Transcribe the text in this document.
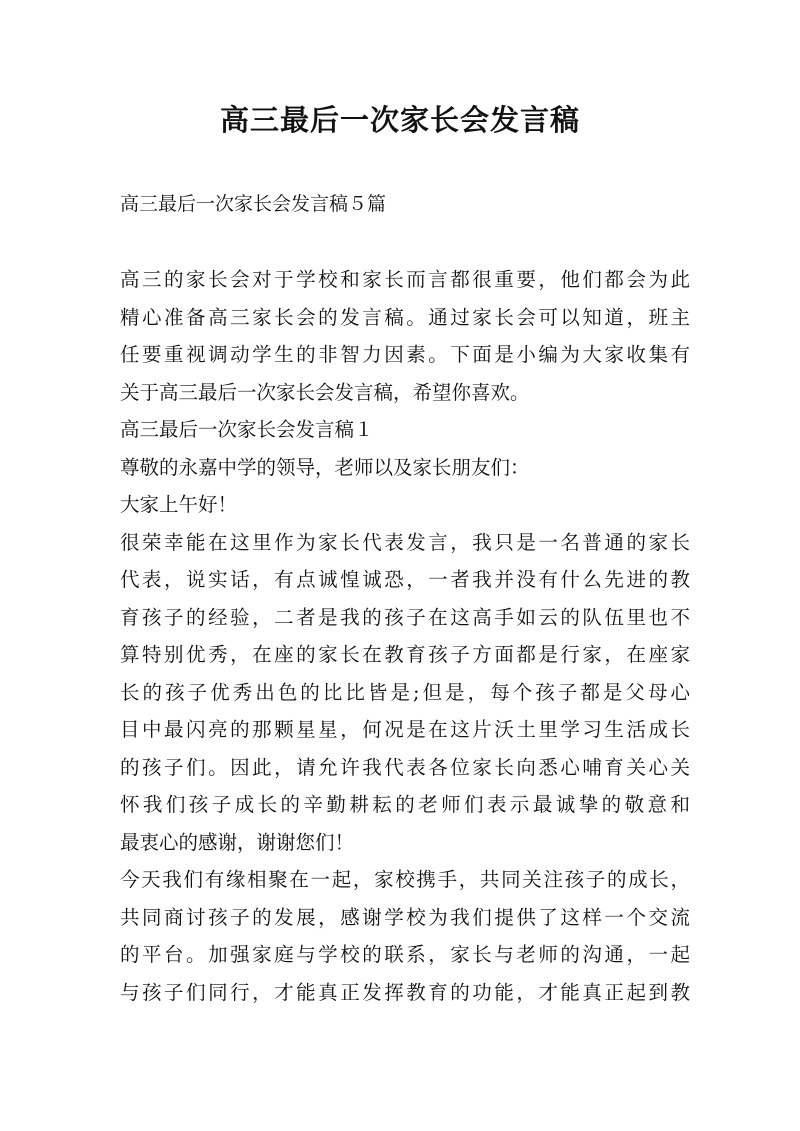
高三最后一次家长会发言稿
高三最后一次家长会发言稿５篇
高三的家长会对于学校和家长而言都很重要，他们都会为此
精心准备高三家长会的发言稿。通过家长会可以知道，班主
任要重视调动学生的非智力因素。下面是小编为大家收集有
关于高三最后一次家长会发言稿，希望你喜欢。
高三最后一次家长会发言稿１
尊敬的永嘉中学的领导，老师以及家长朋友们：
大家上午好！
很荣幸能在这里作为家长代表发言，我只是一名普通的家长
代表，说实话，有点诚惶诚恐，一者我并没有什么先进的教
育孩子的经验，二者是我的孩子在这高手如云的队伍里也不
算特别优秀，在座的家长在教育孩子方面都是行家，在座家
长的孩子优秀出色的比比皆是;但是，每个孩子都是父母心
目中最闪亮的那颗星星，何况是在这片沃土里学习生活成长
的孩子们。因此，请允许我代表各位家长向悉心哺育关心关
怀我们孩子成长的辛勤耕耘的老师们表示最诚挚的敬意和
最衷心的感谢，谢谢您们！
今天我们有缘相聚在一起，家校携手，共同关注孩子的成长，
共同商讨孩子的发展，感谢学校为我们提供了这样一个交流
的平台。加强家庭与学校的联系，家长与老师的沟通，一起
与孩子们同行，才能真正发挥教育的功能，才能真正起到教
